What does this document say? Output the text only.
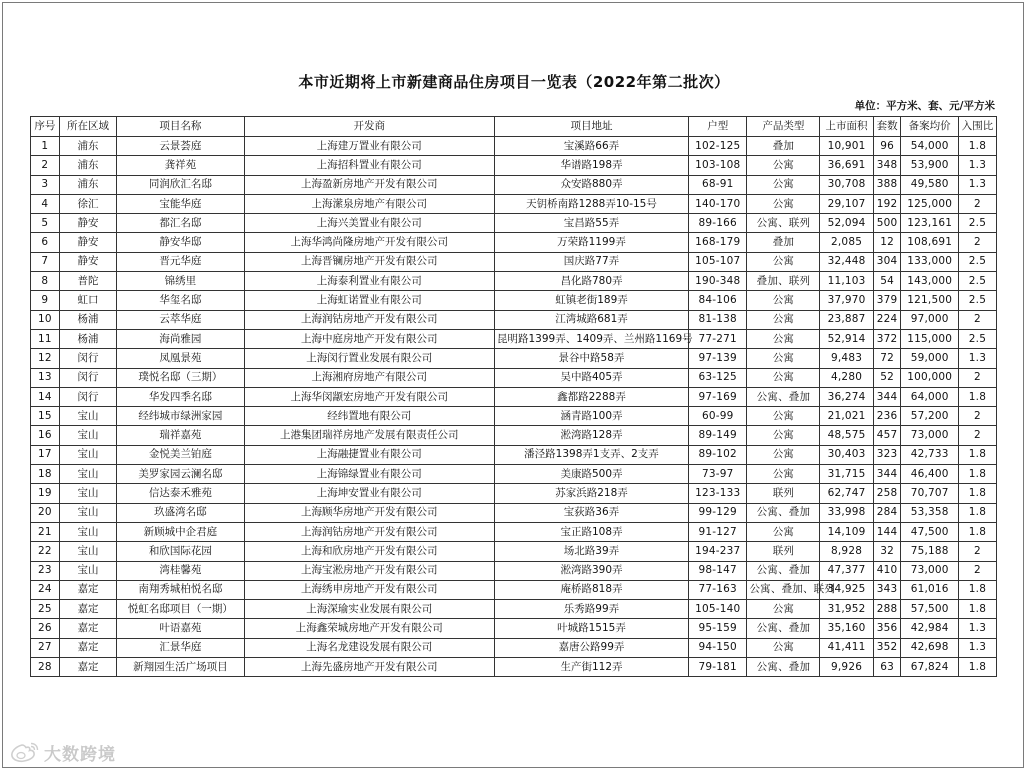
本市近期将上市新建商品住房项目一览表（2022年第二批次）
单位：平方米、套、元/平方米
序号	所在区域	项目名称	开发商	项目地址	户型	产品类型	上市面积	套数	备案均价	入围比
1	浦东	云景荟庭	上海建万置业有限公司	宝溪路66弄	102-125	叠加	10,901	96	54,000	1.8
2	浦东	龚祥苑	上海招科置业有限公司	华谱路198弄	103-108	公寓	36,691	348	53,900	1.3
3	浦东	同润欣汇名邸	上海盈新房地产开发有限公司	众安路880弄	68-91	公寓	30,708	388	49,580	1.3
4	徐汇	宝能华庭	上海潆泉房地产有限公司	天钥桥南路1288弄10-15号	140-170	公寓	29,107	192	125,000	2
5	静安	都汇名邸	上海兴美置业有限公司	宝昌路55弄	89-166	公寓、联列	52,094	500	123,161	2.5
6	静安	静安华邸	上海华鸿尚隆房地产开发有限公司	万荣路1199弄	168-179	叠加	2,085	12	108,691	2
7	静安	晋元华庭	上海晋镧房地产开发有限公司	国庆路77弄	105-107	公寓	32,448	304	133,000	2.5
8	普陀	锦绣里	上海泰利置业有限公司	昌化路780弄	190-348	叠加、联列	11,103	54	143,000	2.5
9	虹口	华玺名邸	上海虹诺置业有限公司	虹镇老街189弄	84-106	公寓	37,970	379	121,500	2.5
10	杨浦	云萃华庭	上海润钴房地产开发有限公司	江湾城路681弄	81-138	公寓	23,887	224	97,000	2
11	杨浦	海尚雅园	上海中庭房地产开发有限公司	昆明路1399弄、1409弄、兰州路1169号	77-271	公寓	52,914	372	115,000	2.5
12	闵行	凤凰景苑	上海闵行置业发展有限公司	景谷中路58弄	97-139	公寓	9,483	72	59,000	1.3
13	闵行	璞悦名邸（三期）	上海湘府房地产有限公司	吴中路405弄	63-125	公寓	4,280	52	100,000	2
14	闵行	华发四季名邸	上海华闵颛宏房地产开发有限公司	鑫都路2288弄	97-169	公寓、叠加	36,274	344	64,000	1.8
15	宝山	经纬城市绿洲家园	经纬置地有限公司	涵青路100弄	60-99	公寓	21,021	236	57,200	2
16	宝山	瑞祥嘉苑	上港集团瑞祥房地产发展有限责任公司	淞湾路128弄	89-149	公寓	48,575	457	73,000	2
17	宝山	金悦美兰铂庭	上海融捷置业有限公司	潘泾路1398弄1支弄、2支弄	89-102	公寓	30,403	323	42,733	1.8
18	宝山	美罗家园云澜名邸	上海锦绿置业有限公司	美康路500弄	73-97	公寓	31,715	344	46,400	1.8
19	宝山	信达泰禾雅苑	上海坤安置业有限公司	苏家浜路218弄	123-133	联列	62,747	258	70,707	1.8
20	宝山	玖盛湾名邸	上海顾华房地产开发有限公司	宝荻路36弄	99-129	公寓、叠加	33,998	284	53,358	1.8
21	宝山	新顾城中企君庭	上海润钴房地产开发有限公司	宝正路108弄	91-127	公寓	14,109	144	47,500	1.8
22	宝山	和欣国际花园	上海和欣房地产开发有限公司	场北路39弄	194-237	联列	8,928	32	75,188	2
23	宝山	湾桂馨苑	上海宝淞房地产开发有限公司	淞湾路390弄	98-147	公寓、叠加	47,377	410	73,000	2
24	嘉定	南翔秀城柏悦名邸	上海绣申房地产开发有限公司	庵桥路818弄	77-163	公寓、叠加、联列	34,925	343	61,016	1.8
25	嘉定	悦虹名邸项目（一期）	上海深瑜实业发展有限公司	乐秀路99弄	105-140	公寓	31,952	288	57,500	1.8
26	嘉定	叶语嘉苑	上海鑫荣城房地产开发有限公司	叶城路1515弄	95-159	公寓、叠加	35,160	356	42,984	1.3
27	嘉定	汇景华庭	上海名龙建设发展有限公司	嘉唐公路99弄	94-150	公寓	41,411	352	42,698	1.3
28	嘉定	新翔园生活广场项目	上海先盛房地产开发有限公司	生产街112弄	79-181	公寓、叠加	9,926	63	67,824	1.8
大数跨境
